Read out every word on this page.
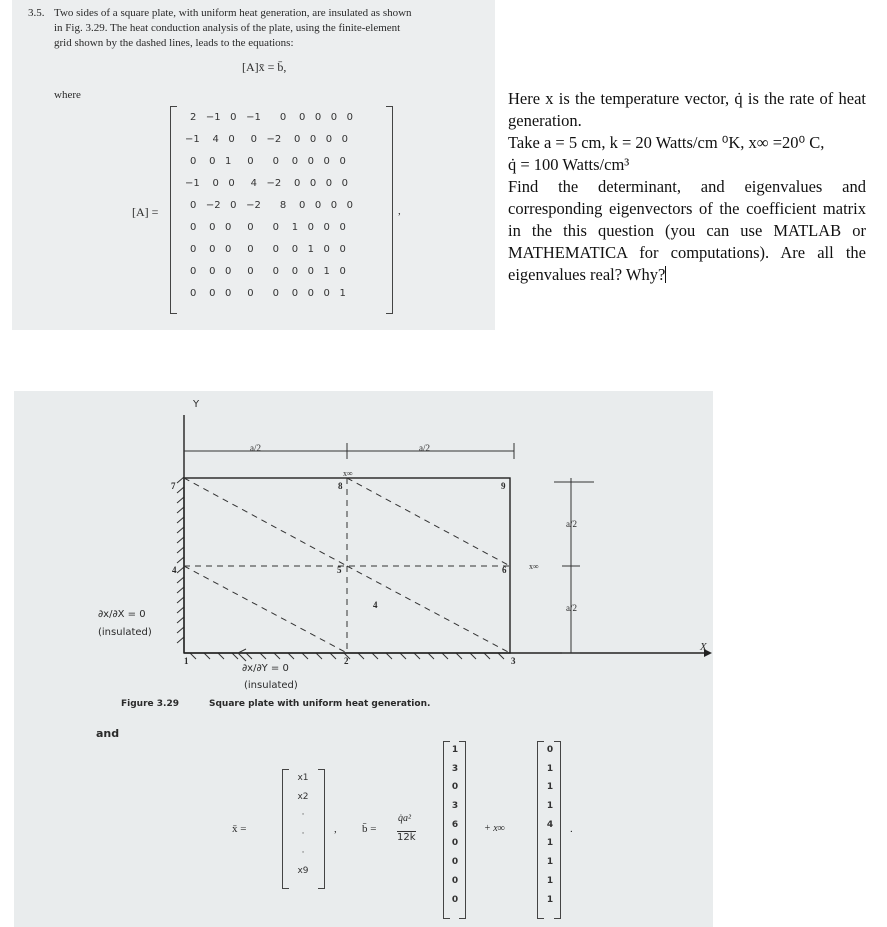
3.5. Two sides of a square plate, with uniform heat generation, are insulated as shown
in Fig. 3.29. The heat conduction analysis of the plate, using the finite-element
grid shown by the dashed lines, leads to the equations:
[A]x̄ = b̄,
where
[A] =
2   −1   0   −1      0    0   0   0   0
−1    4   0     0   −2    0   0   0   0
0    0   1     0      0    0   0   0   0
−1    0   0     4   −2    0   0   0   0
0   −2   0   −2      8    0   0   0   0
0    0   0     0      0    1   0   0   0
0    0   0     0      0    0   1   0   0
0    0   0     0      0    0   0   1   0
0    0   0     0      0    0   0   0   1
,

Here x is the temperature vector, q̇ is the rate of heat generation.

Take a = 5 cm, k = 20 Watts/cm ⁰K, x∞ =20⁰ C,

q̇ = 100 Watts/cm³

Find the determinant, and eigenvalues and corresponding eigenvectors of the coefficient matrix in the this question (you can use MATLAB or MATHEMATICA for computations). Are all the eigenvalues real? Why?

Y
X
a/2	a/2
a/2
a/2
x∞
x∞
1	2	3
4	5	6
7	8	9
4
∂x/∂X = 0
(insulated)
∂x/∂Y = 0
(insulated)
Figure 3.29	Square plate with uniform heat generation.
and
x̄ =
x1
x2
·
·
·
x9
, b̄ =
q̇a²
12k
1
3
0
3
6
0
0
0
0
+ x∞
0
1
1
1
4
1
1
1
1
.
